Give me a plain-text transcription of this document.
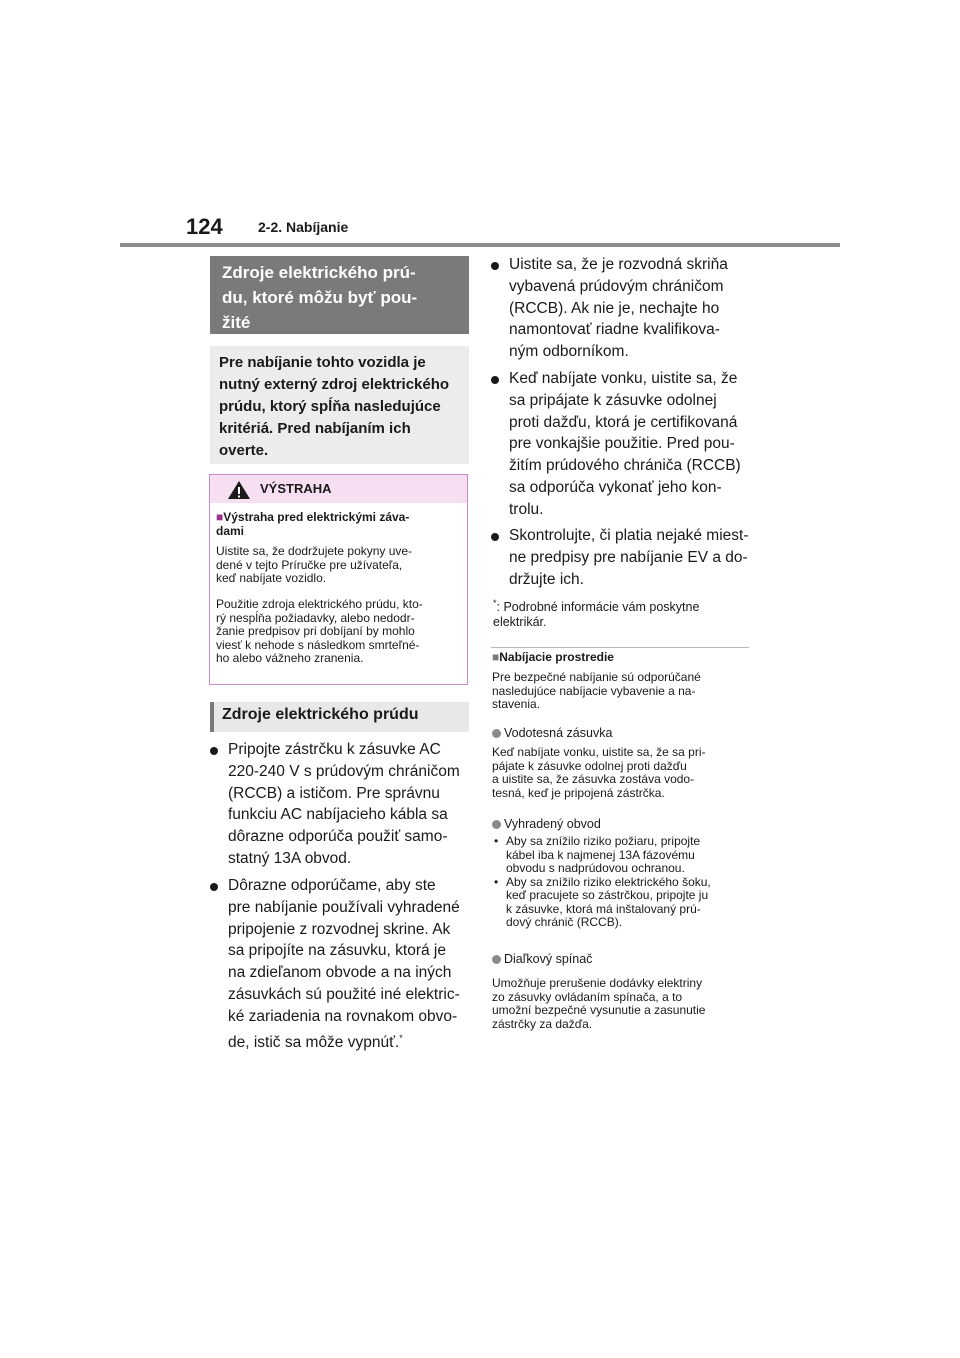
124	2-2. Nabíjanie
Zdroje elektrického prú-
du, ktoré môžu byť pou-
žité
Pre nabíjanie tohto vozidla je
nutný externý zdroj elektrického
prúdu, ktorý spĺňa nasledujúce
kritériá. Pred nabíjaním ich
overte.
VÝSTRAHA
■Výstraha pred elektrickými záva-
dami
Uistite sa, že dodržujete pokyny uve-
dené v tejto Príručke pre užívateľa,
keď nabíjate vozidlo.
Použitie zdroja elektrického prúdu, kto-
rý nespĺňa požiadavky, alebo nedodr-
žanie predpisov pri dobíjaní by mohlo
viesť k nehode s následkom smrteľné-
ho alebo vážneho zranenia.
Zdroje elektrického prúdu
Pripojte zástrčku k zásuvke AC
220-240 V s prúdovým chráničom
(RCCB) a ističom. Pre správnu
funkciu AC nabíjacieho kábla sa
dôrazne odporúča použiť samo-
statný 13A obvod.
Dôrazne odporúčame, aby ste
pre nabíjanie používali vyhradené
pripojenie z rozvodnej skrine. Ak
sa pripojíte na zásuvku, ktorá je
na zdieľanom obvode a na iných
zásuvkách sú použité iné elektric-
ké zariadenia na rovnakom obvo-
de, istič sa môže vypnúť.*
Uistite sa, že je rozvodná skriňa
vybavená prúdovým chráničom
(RCCB). Ak nie je, nechajte ho
namontovať riadne kvalifikova-
ným odborníkom.
Keď nabíjate vonku, uistite sa, že
sa pripájate k zásuvke odolnej
proti dažďu, ktorá je certifikovaná
pre vonkajšie použitie. Pred pou-
žitím prúdového chrániča (RCCB)
sa odporúča vykonať jeho kon-
trolu.
Skontrolujte, či platia nejaké miest-
ne predpisy pre nabíjanie EV a do-
držujte ich.
*: Podrobné informácie vám poskytne
elektrikár.
■Nabíjacie prostredie
Pre bezpečné nabíjanie sú odporúčané
nasledujúce nabíjacie vybavenie a na-
stavenia.
Vodotesná zásuvka
Keď nabíjate vonku, uistite sa, že sa pri-
pájate k zásuvke odolnej proti dažďu
a uistite sa, že zásuvka zostáva vodo-
tesná, keď je pripojená zástrčka.
Vyhradený obvod
• Aby sa znížilo riziko požiaru, pripojte
kábel iba k najmenej 13A fázovému
obvodu s nadprúdovou ochranou.
• Aby sa znížilo riziko elektrického šoku,
keď pracujete so zástrčkou, pripojte ju
k zásuvke, ktorá má inštalovaný prú-
dový chránič (RCCB).
Diaľkový spínač
Umožňuje prerušenie dodávky elektriny
zo zásuvky ovládaním spínača, a to
umožní bezpečné vysunutie a zasunutie
zástrčky za dažďa.
